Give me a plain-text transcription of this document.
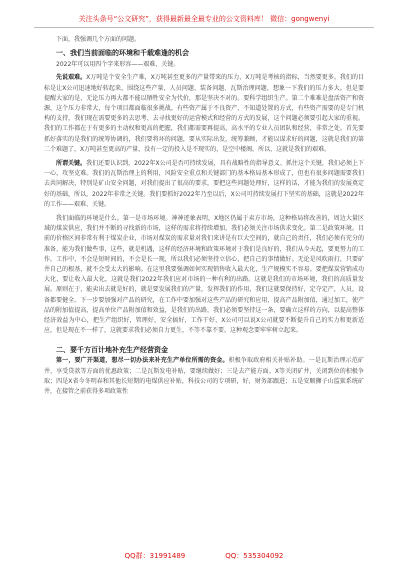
关注头条号“公文研究”，获得最新最全最专业的公文资料库！ 微信：gongwenyi

下面，我强调几个方面的问题。

一、我们当前面临的环境和千载难逢的机会

2022年可以用四个字来形容——艰难、关键。

先说艰难。X万吨是个安全生产难，X万吨甚至更多的产量带来的压力，X万吨是考核的指标，当然要更多。我们的目标是让X公司迅速地好转起来，围绕这些产量，人员问题、装备问题、瓦斯治理问题，想象一下我们的压力多大。但是要提醒大家的是，无论压力再大都不能以牺牲安全为代价，那是坚决不对的。要科学组织生产。第二个难难是盘活资产和资源，这个压力非常大，每个项目都面临很多挑战。有些资产属于不良资产，不知道处置的方式，有些资产需要的是专门机构的支持，我们现在需要更多的去思考、去寻找更好的运营模式和经营的方式的发展，这个问题必须要引起大家的重视。我们的工作都在于有更多的主动权和更高的把握，我们都需要再提高，高水平的专业人员团队和经营，非常之处。首先要抓好落实的是我们的统筹协调的，我们要将坏的问题，要从实际出发，统筹兼顾，才能以谋求好的问题，这就是我们的第二个难题了，X万吨甚至更高的产量，没有一定的投入是不现实的，是空中楼阁。所以，这就是我们的艰难。

所谓关键。我们还要认识到，2022年X公司是否可持续发展，具有战略性的指导意义、抓住这个关键，我们必须上下一心，攻坚克难。我们的瓦斯治理上的利用，风险安全重点和关键部门的基本格局基本形成了，但也有很多问题需要我们去共同解决，特别是矿山安全问题，对我们提出了很高的要求，要把这些问题处理好，这样的话，才能为我们的发展奠定好的基础，所以，2022年非常之关键。我们要抓好2022年乃至以后，X公司可持续发展打下坚实的基础，这就是2022年的工作——艰难、关键。

我们面临的环境是什么。第一是市场环境。神神迹象表明，X地区仍属于卖方市场，这种格局将改善的，周边大量区域的煤炭供应，我们并不断的寻找新的市场，这样的需求将持续增加，我们必须关注市场供求变化。第二是政策环境。目前的价格区间非常有利于煤炭企业，市场对煤炭的需求量对我们来讲是有巨大空间的，就自己的责任，我们必须有充分的准备，能为我们做些事，这些，就是机遇，这样的经济环境和政策环境对于我们是良好的，我们从今天起，要更努力的工作，工作中，不会是短时间的，不会是长一现，所以我们必须坚持立信心，把自己的事情做好。无论是风吹雨打，只要矿井自己的根基，就不会受太大的影响。在这里我要强调如何实现销售收入最大化，生产规模实不容易。要把煤炭营销成功大化，要让收入最大化，这就是我们2022年我们应对市场的一种有利的出路。这就是我们的市场环境，我们的高质量发展。原则在于，能卖出去就是好的，就是要发展我们的产量，发挥我们的作用，我们这就要保持好，定夺定产，人员，设备都要健全。下一步要加强对产品的研究，在工作中要加强对这些产品的研究和应用，提高产品附加值，通过加工，使产品的附加值提高，提高单位产品附加值和效益，是我们的出路，我们必须要坚持这一条，要确立这样的方向，以提高整体经济效益为中心，把生产组织好，管理好，安全搞好，工作干好，X公司可以说X公司就要不断提升自己的实力和更新适应，但是现在不一样了，这就要求我们必须自力更生，不等不靠不要。这种观念要牢牢树立起来。

二、要千方百计地补充生产经营资金

第一，要广开渠道，想尽一切办法来补充生产单位所需的资金。积极争取政府相关补贴补助。一是瓦斯治理示范矿井，享受贷款等方面的优惠政策；二是瓦斯发电补贴，要继续做好；三是去产能方面。X等关闭矿井，关闭到位的积极争取；四是X省今冬明春和其他长短期的电煤供应补贴，科技公司的专项研，好，财务部跟进；五是安顺狮子山监狱系统矿井，在接管之前获得多项政策性

QQ群：31991489	QQ：535304092
